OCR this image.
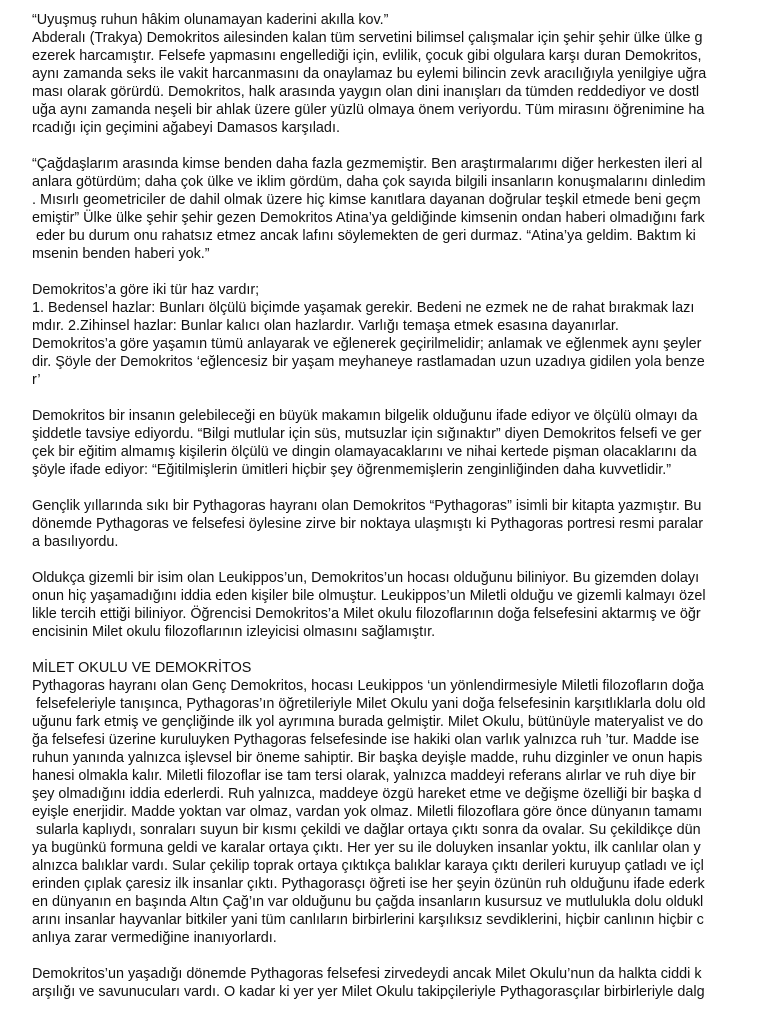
“Uyuşmuş ruhun hâkim olunamayan kaderini akılla kov.”
Abderalı (Trakya) Demokritos ailesinden kalan tüm servetini bilimsel çalışmalar için şehir şehir ülke ülke g
ezerek harcamıştır. Felsefe yapmasını engellediği için, evlilik, çocuk gibi olgulara karşı duran Demokritos,
aynı zamanda seks ile vakit harcanmasını da onaylamaz bu eylemi bilincin zevk aracılığıyla yenilgiye uğra
ması olarak görürdü. Demokritos, halk arasında yaygın olan dini inanışları da tümden reddediyor ve dostl
uğa aynı zamanda neşeli bir ahlak üzere güler yüzlü olmaya önem veriyordu. Tüm mirasını öğrenimine ha
rcadığı için geçimini ağabeyi Damasos karşıladı.
“Çağdaşlarım arasında kimse benden daha fazla gezmemiştir. Ben araştırmalarımı diğer herkesten ileri al
anlara götürdüm; daha çok ülke ve iklim gördüm, daha çok sayıda bilgili insanların konuşmalarını dinledim
. Mısırlı geometriciler de dahil olmak üzere hiç kimse kanıtlara dayanan doğrular teşkil etmede beni geçm
emiştir” Ülke ülke şehir şehir gezen Demokritos Atina’ya geldiğinde kimsenin ondan haberi olmadığını fark
eder bu durum onu rahatsız etmez ancak lafını söylemekten de geri durmaz. “Atina’ya geldim. Baktım ki
msenin benden haberi yok.”
Demokritos’a göre iki tür haz vardır;
1. Bedensel hazlar: Bunları ölçülü biçimde yaşamak gerekir. Bedeni ne ezmek ne de rahat bırakmak lazı
mdır. 2.Zihinsel hazlar: Bunlar kalıcı olan hazlardır. Varlığı temaşa etmek esasına dayanırlar.
Demokritos’a göre yaşamın tümü anlayarak ve eğlenerek geçirilmelidir; anlamak ve eğlenmek aynı şeyler
dir. Şöyle der Demokritos ‘eğlencesiz bir yaşam meyhaneye rastlamadan uzun uzadıya gidilen yola benze
r’
Demokritos bir insanın gelebileceği en büyük makamın bilgelik olduğunu ifade ediyor ve ölçülü olmayı da
şiddetle tavsiye ediyordu. “Bilgi mutlular için süs, mutsuzlar için sığınaktır” diyen Demokritos felsefi ve ger
çek bir eğitim almamış kişilerin ölçülü ve dingin olamayacaklarını ve nihai kertede pişman olacaklarını da
şöyle ifade ediyor: “Eğitilmişlerin ümitleri hiçbir şey öğrenmemişlerin zenginliğinden daha kuvvetlidir.”
Gençlik yıllarında sıkı bir Pythagoras hayranı olan Demokritos “Pythagoras” isimli bir kitapta yazmıştır. Bu
dönemde Pythagoras ve felsefesi öylesine zirve bir noktaya ulaşmıştı ki Pythagoras portresi resmi paralar
a basılıyordu.
Oldukça gizemli bir isim olan Leukippos’un, Demokritos’un hocası olduğunu biliniyor. Bu gizemden dolayı
onun hiç yaşamadığını iddia eden kişiler bile olmuştur. Leukippos’un Miletli olduğu ve gizemli kalmayı özel
likle tercih ettiği biliniyor. Öğrencisi Demokritos’a Milet okulu filozoflarının doğa felsefesini aktarmış ve öğr
encisinin Milet okulu filozoflarının izleyicisi olmasını sağlamıştır.
MİLET OKULU VE DEMOKRİTOS
Pythagoras hayranı olan Genç Demokritos, hocası Leukippos ‘un yönlendirmesiyle Miletli filozofların doğa
felsefeleriyle tanışınca, Pythagoras’ın öğretileriyle Milet Okulu yani doğa felsefesinin karşıtlıklarla dolu old
uğunu fark etmiş ve gençliğinde ilk yol ayrımına burada gelmiştir. Milet Okulu, bütünüyle materyalist ve do
ğa felsefesi üzerine kuruluyken Pythagoras felsefesinde ise hakiki olan varlık yalnızca ruh ’tur. Madde ise
ruhun yanında yalnızca işlevsel bir öneme sahiptir. Bir başka deyişle madde, ruhu dizginler ve onun hapis
hanesi olmakla kalır. Miletli filozoflar ise tam tersi olarak, yalnızca maddeyi referans alırlar ve ruh diye bir
şey olmadığını iddia ederlerdi. Ruh yalnızca, maddeye özgü hareket etme ve değişme özelliği bir başka d
eyişle enerjidir. Madde yoktan var olmaz, vardan yok olmaz. Miletli filozoflara göre önce dünyanın tamamı
sularla kaplıydı, sonraları suyun bir kısmı çekildi ve dağlar ortaya çıktı sonra da ovalar. Su çekildikçe dün
ya bugünkü formuna geldi ve karalar ortaya çıktı. Her yer su ile doluyken insanlar yoktu, ilk canlılar olan y
alnızca balıklar vardı. Sular çekilip toprak ortaya çıktıkça balıklar karaya çıktı derileri kuruyup çatladı ve içl
erinden çıplak çaresiz ilk insanlar çıktı. Pythagorasçı öğreti ise her şeyin özünün ruh olduğunu ifade ederk
en dünyanın en başında Altın Çağ’ın var olduğunu bu çağda insanların kusursuz ve mutlulukla dolu oldukl
arını insanlar hayvanlar bitkiler yani tüm canlıların birbirlerini karşılıksız sevdiklerini, hiçbir canlının hiçbir c
anlıya zarar vermediğine inanıyorlardı.
Demokritos’un yaşadığı dönemde Pythagoras felsefesi zirvedeydi ancak Milet Okulu’nun da halkta ciddi k
arşılığı ve savunucuları vardı. O kadar ki yer yer Milet Okulu takipçileriyle Pythagorasçılar birbirleriyle dalg
